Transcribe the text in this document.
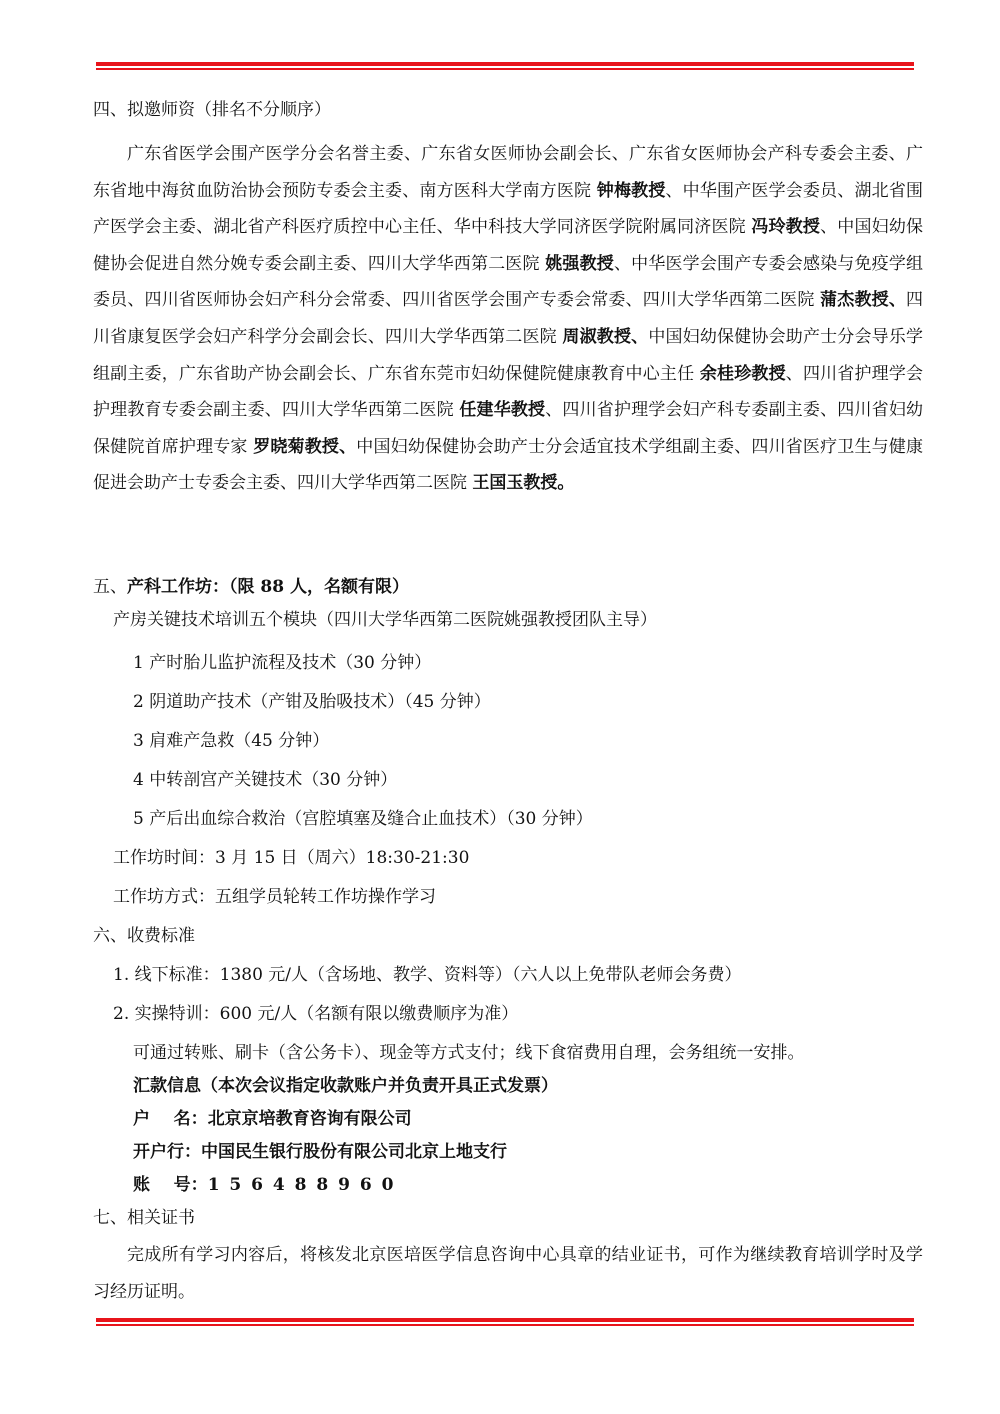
四、拟邀师资（排名不分顺序）
广东省医学会围产医学分会名誉主委、广东省女医师协会副会长、广东省女医师协会产科专委会主委、广东省地中海贫血防治协会预防专委会主委、南方医科大学南方医院 钟梅教授、中华围产医学会委员、湖北省围产医学会主委、湖北省产科医疗质控中心主任、华中科技大学同济医学院附属同济医院 冯玲教授、中国妇幼保健协会促进自然分娩专委会副主委、四川大学华西第二医院 姚强教授、中华医学会围产专委会感染与免疫学组委员、四川省医师协会妇产科分会常委、四川省医学会围产专委会常委、四川大学华西第二医院 蒲杰教授、四川省康复医学会妇产科学分会副会长、四川大学华西第二医院 周淑教授、中国妇幼保健协会助产士分会导乐学组副主委，广东省助产协会副会长、广东省东莞市妇幼保健院健康教育中心主任 余桂珍教授、四川省护理学会护理教育专委会副主委、四川大学华西第二医院 任建华教授、四川省护理学会妇产科专委副主委、四川省妇幼保健院首席护理专家 罗晓菊教授、中国妇幼保健协会助产士分会适宜技术学组副主委、四川省医疗卫生与健康促进会助产士专委会主委、四川大学华西第二医院 王国玉教授。
五、产科工作坊：（限 88 人，名额有限）
产房关键技术培训五个模块（四川大学华西第二医院姚强教授团队主导）
1 产时胎儿监护流程及技术（30 分钟）
2 阴道助产技术（产钳及胎吸技术）（45 分钟）
3 肩难产急救（45 分钟）
4 中转剖宫产关键技术（30 分钟）
5 产后出血综合救治（宫腔填塞及缝合止血技术）（30 分钟）
工作坊时间：3 月 15 日（周六）18:30-21:30
工作坊方式：五组学员轮转工作坊操作学习
六、收费标准
1. 线下标准：1380 元/人（含场地、教学、资料等）（六人以上免带队老师会务费）
2. 实操特训：600 元/人（名额有限以缴费顺序为准）
可通过转账、刷卡（含公务卡）、现金等方式支付；线下食宿费用自理，会务组统一安排。
汇款信息（本次会议指定收款账户并负责开具正式发票）
户    名：北京京培教育咨询有限公司
开户行：中国民生银行股份有限公司北京上地支行
账    号：1 5 6 4 8 8 9 6 0
七、相关证书
完成所有学习内容后，将核发北京医培医学信息咨询中心具章的结业证书，可作为继续教育培训学时及学习经历证明。
